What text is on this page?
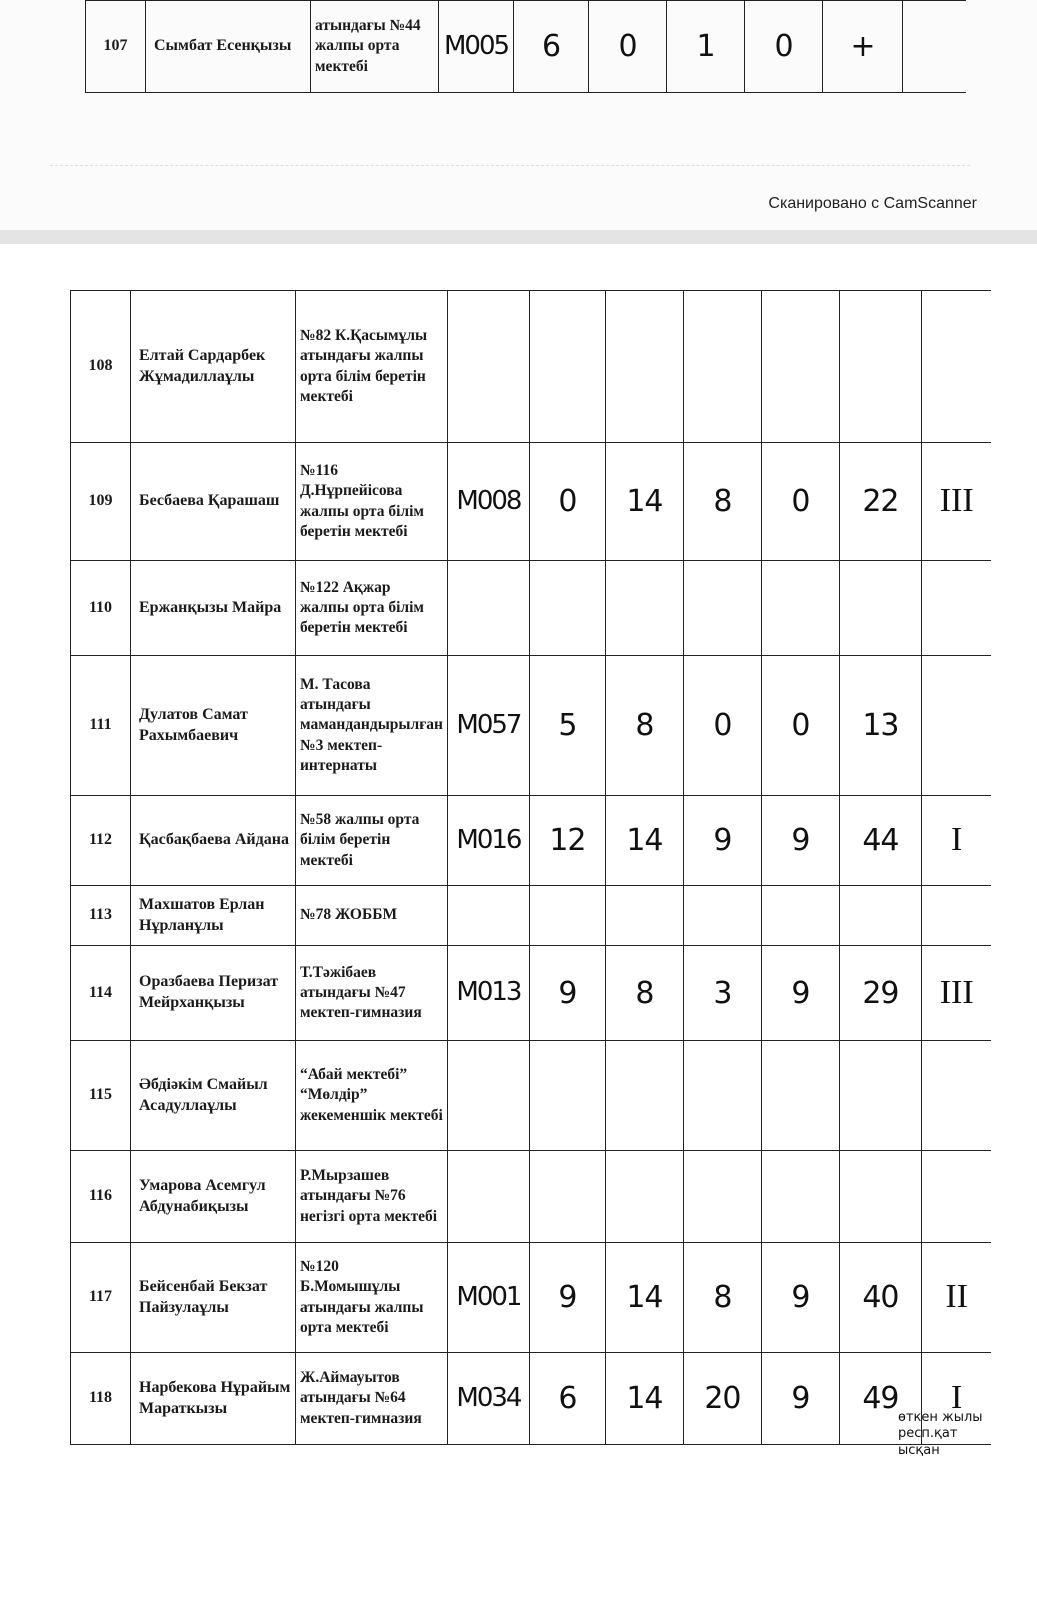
107	Сымбат Есенқызы	атындағы №44 жалпы орта мектебі	M005	6	0	1	0	+	
Сканировано с CamScanner
108	Елтай Сардарбек Жұмадиллаұлы	№82 К.Қасымұлы атындағы жалпы орта білім беретін мектебі							
109	Бесбаева Қарашаш	№116 Д.Нұрпейісова жалпы орта білім беретін мектебі	M008	0	14	8	0	22	III
110	Ержанқызы Майра	№122 Ақжар жалпы орта білім беретін мектебі							
111	Дулатов Самат Рахымбаевич	М. Тасова атындағы мамандандырылған №3 мектеп-интернаты	M057	5	8	0	0	13	
112	Қасбақбаева Айдана	№58 жалпы орта білім беретін мектебі	M016	12	14	9	9	44	I
113	Махшатов Ерлан Нұрланұлы	№78 ЖОББМ							
114	Оразбаева Перизат Мейрханқызы	Т.Тәжібаев атындағы №47 мектеп-гимназия	M013	9	8	3	9	29	III
115	Әбдіәкім Смайыл Асадуллаұлы	“Абай мектебі” “Мөлдір” жекеменшік мектебі							
116	Умарова Асемгул Абдунабиқызы	Р.Мырзашев атындағы №76 негізгі орта мектебі							
117	Бейсенбай Бекзат Пайзулаұлы	№120 Б.Момышұлы атындағы жалпы орта мектебі	M001	9	14	8	9	40	II
118	Нарбекова Нұрайым Мараткызы	Ж.Аймауытов атындағы №64 мектеп-гимназия	M034	6	14	20	9	49	I
өткен жылы респ.қат ысқан
